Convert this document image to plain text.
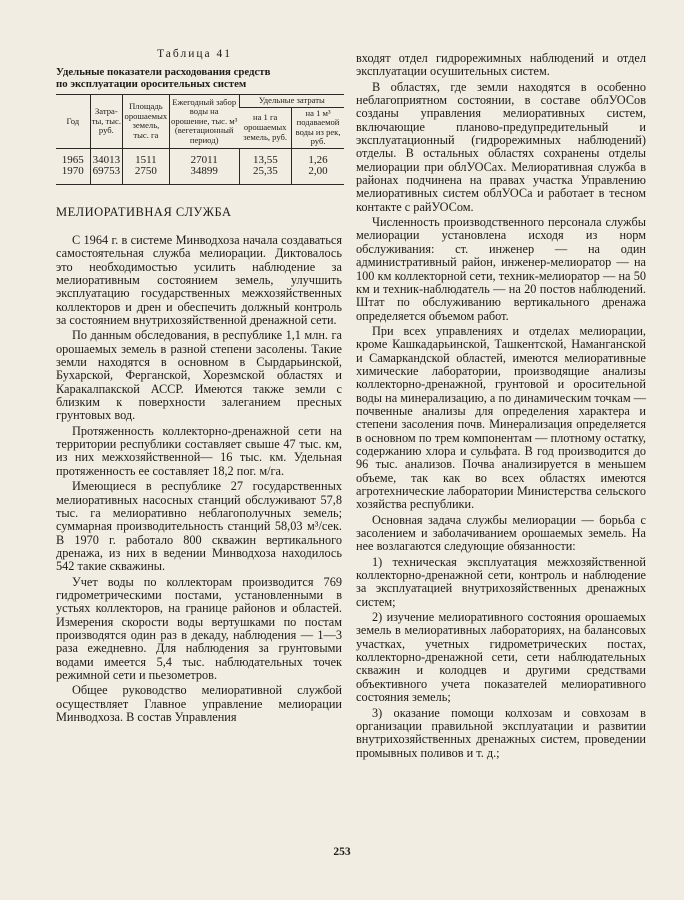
Таблица 41
Удельные показатели расходования средств
по эксплуатации оросительных систем
Год	Затра-ты, тыс. руб.	Площадь орошаемых земель, тыс. га	Ежегодный забор воды на орошение, тыс. м³ (вегетационный период)	Удельные затраты	
				на 1 га орошаемых земель, руб.	на 1 м³ подаваемой воды из рек, руб.
1965	34013	1511	27011	13,55	1,26
1970	69753	2750	34899	25,35	2,00
МЕЛИОРАТИВНАЯ СЛУЖБА

С 1964 г. в системе Минводхоза начала создаваться самостоятельная служба мелиорации. Диктовалось это необходимостью усилить наблюдение за мелиоративным состоянием земель, улучшить эксплуатацию государственных межхозяйственных коллекторов и дрен и обеспечить должный контроль за состоянием внутрихозяйственной дренажной сети.

По данным обследования, в республике 1,1 млн. га орошаемых земель в разной степени засолены. Такие земли находятся в основном в Сырдарьинской, Бухарской, Ферганской, Хорезмской областях и Каракалпакской АССР. Имеются также земли с близким к поверхности залеганием пресных грунтовых вод.

Протяженность коллекторно-дренажной сети на территории республики составляет свыше 47 тыс. км, из них межхозяйственной— 16 тыс. км. Удельная протяженность ее составляет 18,2 пог. м/га.

Имеющиеся в республике 27 государственных мелиоративных насосных станций обслуживают 57,8 тыс. га мелиоративно неблагополучных земель; суммарная производительность станций 58,03 м³/сек. В 1970 г. работало 800 скважин вертикального дренажа, из них в ведении Минводхоза находилось 542 такие скважины.

Учет воды по коллекторам производится 769 гидрометрическими постами, установленными в устьях коллекторов, на границе районов и областей. Измерения скорости воды вертушками по постам производятся один раз в декаду, наблюдения — 1—3 раза ежедневно. Для наблюдения за грунтовыми водами имеется 5,4 тыс. наблюдательных точек режимной сети и пьезометров.

Общее руководство мелиоративной службой осуществляет Главное управление мелиорации Минводхоза. В состав Управления

входят отдел гидрорежимных наблюдений и отдел эксплуатации осушительных систем.

В областях, где земли находятся в особенно неблагоприятном состоянии, в составе облУОСов созданы управления мелиоративных систем, включающие планово-предупредительный и эксплуатационный (гидрорежимных наблюдений) отделы. В остальных областях сохранены отделы мелиорации при облУОСах. Мелиоративная служба в районах подчинена на правах участка Управлению мелиоративных систем облУОСа и работает в тесном контакте с райУОСом.

Численность производственного персонала службы мелиорации установлена исходя из норм обслуживания: ст. инженер — на один административный район, инженер-мелиоратор — на 100 км коллекторной сети, техник-мелиоратор — на 50 км и техник-наблюдатель — на 20 постов наблюдений. Штат по обслуживанию вертикального дренажа определяется объемом работ.

При всех управлениях и отделах мелиорации, кроме Кашкадарьинской, Ташкентской, Наманганской и Самаркандской областей, имеются мелиоративные химические лаборатории, производящие анализы коллекторно-дренажной, грунтовой и оросительной воды на минерализацию, а по динамическим точкам — почвенные анализы для определения характера и степени засоления почв. Минерализация определяется в основном по трем компонентам — плотному остатку, содержанию хлора и сульфата. В год производится до 96 тыс. анализов. Почва анализируется в меньшем объеме, так как во всех областях имеются агротехнические лаборатории Министерства сельского хозяйства республики.

Основная задача службы мелиорации — борьба с засолением и заболачиванием орошаемых земель. На нее возлагаются следующие обязанности:

1) техническая эксплуатация межхозяйственной коллекторно-дренажной сети, контроль и наблюдение за эксплуатацией внутрихозяйственных дренажных систем;

2) изучение мелиоративного состояния орошаемых земель в мелиоративных лабораториях, на балансовых участках, учетных гидрометрических постах, коллекторно-дренажной сети, сети наблюдательных скважин и колодцев и другими средствами объективного учета показателей мелиоративного состояния земель;

3) оказание помощи колхозам и совхозам в организации правильной эксплуатации и развитии внутрихозяйственных дренажных систем, проведении промывных поливов и т. д.;

253
